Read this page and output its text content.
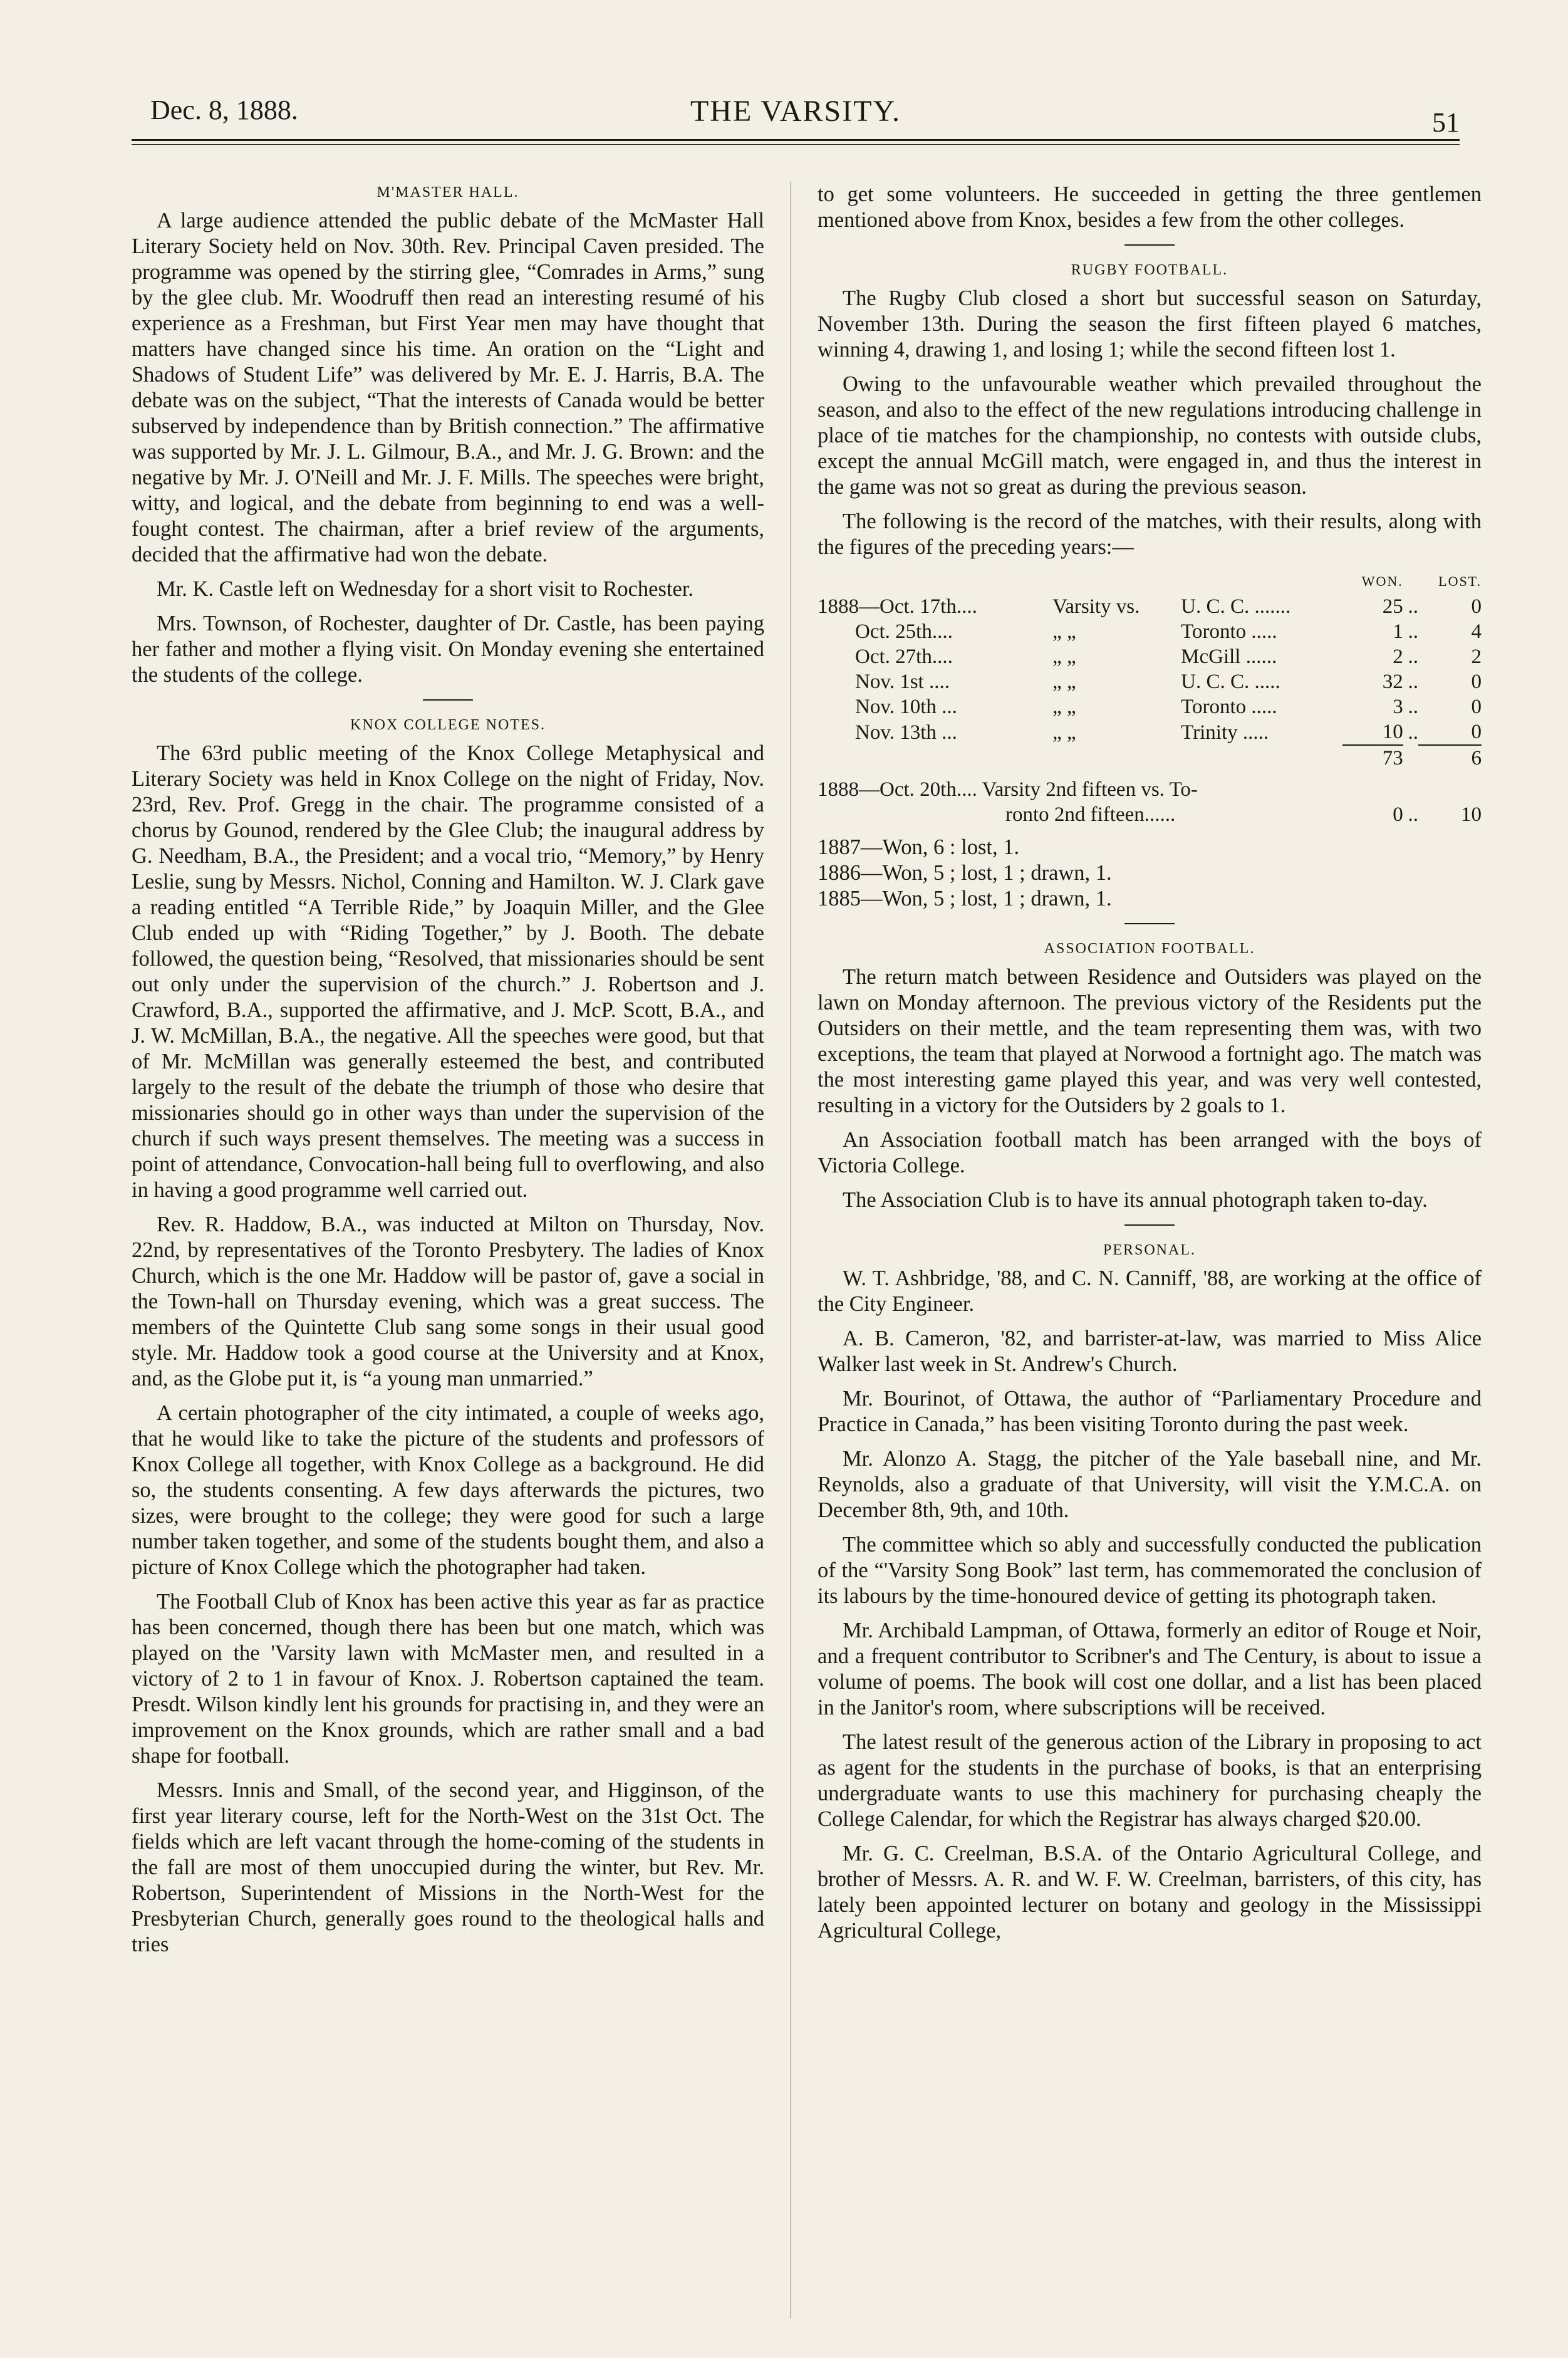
Dec. 8, 1888.	THE VARSITY.	51
M'MASTER HALL.

A large audience attended the public debate of the McMaster Hall Literary Society held on Nov. 30th. Rev. Principal Caven presided. The programme was opened by the stirring glee, “Comrades in Arms,” sung by the glee club. Mr. Woodruff then read an interesting resumé of his experience as a Freshman, but First Year men may have thought that matters have changed since his time. An oration on the “Light and Shadows of Student Life” was delivered by Mr. E. J. Harris, B.A. The debate was on the subject, “That the interests of Canada would be better subserved by independence than by British connection.” The affirmative was supported by Mr. J. L. Gilmour, B.A., and Mr. J. G. Brown: and the negative by Mr. J. O'Neill and Mr. J. F. Mills. The speeches were bright, witty, and logical, and the debate from beginning to end was a well-fought contest. The chairman, after a brief review of the arguments, decided that the affirmative had won the debate.

Mr. K. Castle left on Wednesday for a short visit to Rochester.

Mrs. Townson, of Rochester, daughter of Dr. Castle, has been paying her father and mother a flying visit. On Monday evening she entertained the students of the college.

KNOX COLLEGE NOTES.

The 63rd public meeting of the Knox College Metaphysical and Literary Society was held in Knox College on the night of Friday, Nov. 23rd, Rev. Prof. Gregg in the chair. The programme consisted of a chorus by Gounod, rendered by the Glee Club; the inaugural address by G. Needham, B.A., the President; and a vocal trio, “Memory,” by Henry Leslie, sung by Messrs. Nichol, Conning and Hamilton. W. J. Clark gave a reading entitled “A Terrible Ride,” by Joaquin Miller, and the Glee Club ended up with “Riding Together,” by J. Booth. The debate followed, the question being, “Resolved, that missionaries should be sent out only under the supervision of the church.” J. Robertson and J. Crawford, B.A., supported the affirmative, and J. McP. Scott, B.A., and J. W. McMillan, B.A., the negative. All the speeches were good, but that of Mr. McMillan was generally esteemed the best, and contributed largely to the result of the debate the triumph of those who desire that missionaries should go in other ways than under the supervision of the church if such ways present themselves. The meeting was a success in point of attendance, Convocation-hall being full to overflowing, and also in having a good programme well carried out.

Rev. R. Haddow, B.A., was inducted at Milton on Thursday, Nov. 22nd, by representatives of the Toronto Presbytery. The ladies of Knox Church, which is the one Mr. Haddow will be pastor of, gave a social in the Town-hall on Thursday evening, which was a great success. The members of the Quintette Club sang some songs in their usual good style. Mr. Haddow took a good course at the University and at Knox, and, as the Globe put it, is “a young man unmarried.”

A certain photographer of the city intimated, a couple of weeks ago, that he would like to take the picture of the students and professors of Knox College all together, with Knox College as a background. He did so, the students consenting. A few days afterwards the pictures, two sizes, were brought to the college; they were good for such a large number taken together, and some of the students bought them, and also a picture of Knox College which the photographer had taken.

The Football Club of Knox has been active this year as far as practice has been concerned, though there has been but one match, which was played on the 'Varsity lawn with McMaster men, and resulted in a victory of 2 to 1 in favour of Knox. J. Robertson captained the team. Presdt. Wilson kindly lent his grounds for practising in, and they were an improvement on the Knox grounds, which are rather small and a bad shape for football.

Messrs. Innis and Small, of the second year, and Higginson, of the first year literary course, left for the North-West on the 31st Oct. The fields which are left vacant through the home-coming of the students in the fall are most of them unoccupied during the winter, but Rev. Mr. Robertson, Superintendent of Missions in the North-West for the Presbyterian Church, generally goes round to the theological halls and tries

to get some volunteers. He succeeded in getting the three gentlemen mentioned above from Knox, besides a few from the other colleges.

RUGBY FOOTBALL.

The Rugby Club closed a short but successful season on Saturday, November 13th. During the season the first fifteen played 6 matches, winning 4, drawing 1, and losing 1; while the second fifteen lost 1.

Owing to the unfavourable weather which prevailed throughout the season, and also to the effect of the new regulations introducing challenge in place of tie matches for the championship, no contests with outside clubs, except the annual McGill match, were engaged in, and thus the interest in the game was not so great as during the previous season.

The following is the record of the matches, with their results, along with the figures of the preceding years:—

			WON.		LOST.
1888—Oct. 17th....	Varsity vs.	U. C. C. .......	25	..	0
Oct. 25th....	„ „	Toronto .....	1	..	4
Oct. 27th....	„ „	McGill ......	2	..	2
Nov. 1st ....	„ „	U. C. C. .....	32	..	0
Nov. 10th ...	„ „	Toronto .....	3	..	0
Nov. 13th ...	„ „	Trinity .....	10	..	0
			73		6
1888—Oct. 20th.... Varsity 2nd fifteen vs. To-					
ronto 2nd fifteen......			0	..	10

1887—Won, 6 : lost, 1.

1886—Won, 5 ; lost, 1 ; drawn, 1.

1885—Won, 5 ; lost, 1 ; drawn, 1.

ASSOCIATION FOOTBALL.

The return match between Residence and Outsiders was played on the lawn on Monday afternoon. The previous victory of the Residents put the Outsiders on their mettle, and the team representing them was, with two exceptions, the team that played at Norwood a fortnight ago. The match was the most interesting game played this year, and was very well contested, resulting in a victory for the Outsiders by 2 goals to 1.

An Association football match has been arranged with the boys of Victoria College.

The Association Club is to have its annual photograph taken to-day.

PERSONAL.

W. T. Ashbridge, '88, and C. N. Canniff, '88, are working at the office of the City Engineer.

A. B. Cameron, '82, and barrister-at-law, was married to Miss Alice Walker last week in St. Andrew's Church.

Mr. Bourinot, of Ottawa, the author of “Parliamentary Procedure and Practice in Canada,” has been visiting Toronto during the past week.

Mr. Alonzo A. Stagg, the pitcher of the Yale baseball nine, and Mr. Reynolds, also a graduate of that University, will visit the Y.M.C.A. on December 8th, 9th, and 10th.

The committee which so ably and successfully conducted the publication of the “'Varsity Song Book” last term, has commemorated the conclusion of its labours by the time-honoured device of getting its photograph taken.

Mr. Archibald Lampman, of Ottawa, formerly an editor of Rouge et Noir, and a frequent contributor to Scribner's and The Century, is about to issue a volume of poems. The book will cost one dollar, and a list has been placed in the Janitor's room, where subscriptions will be received.

The latest result of the generous action of the Library in proposing to act as agent for the students in the purchase of books, is that an enterprising undergraduate wants to use this machinery for purchasing cheaply the College Calendar, for which the Registrar has always charged $20.00.

Mr. G. C. Creelman, B.S.A. of the Ontario Agricultural College, and brother of Messrs. A. R. and W. F. W. Creelman, barristers, of this city, has lately been appointed lecturer on botany and geology in the Mississippi Agricultural College,
